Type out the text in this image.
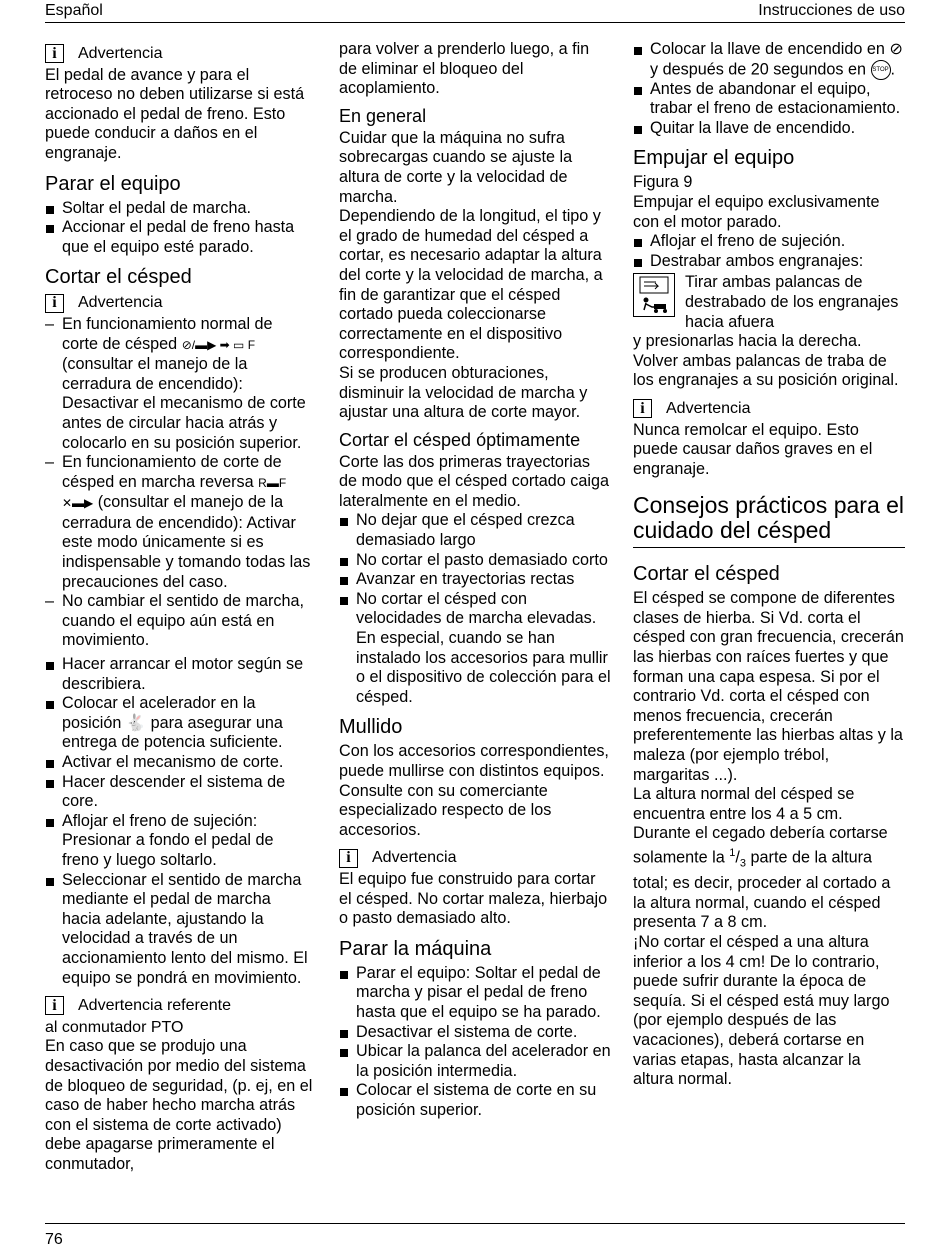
Español	Instrucciones de uso
i	Advertencia

El pedal de avance y para el retroceso no deben utilizarse si está accionado el pedal de freno. Esto puede conducir a daños en el engranaje.

Parar el equipo
Soltar el pedal de marcha.
Accionar el pedal de freno hasta que el equipo esté parado.
Cortar el césped
i	Advertencia
– En funcionamiento normal de corte de césped ⊘/▬▶ ➡ ▭ F (consultar el manejo de la cerradura de encendido): Desactivar el mecanismo de corte antes de circular hacia atrás y colocarlo en su posición superior.
– En funcionamiento de corte de césped en marcha reversa R▬F ✕▬▶ (consultar el manejo de la cerradura de encendido): Activar este modo únicamente si es indispensable y tomando todas las precauciones del caso.
– No cambiar el sentido de marcha, cuando el equipo aún está en movimiento.
Hacer arrancar el motor según se describiera.
Colocar el acelerador en la posición 🐇 para asegurar una entrega de potencia suficiente.
Activar el mecanismo de corte.
Hacer descender el sistema de core.
Aflojar el freno de sujeción: Presionar a fondo el pedal de freno y luego soltarlo.
Seleccionar el sentido de marcha mediante el pedal de marcha hacia adelante, ajustando la velocidad a través de un accionamiento lento del mismo. El equipo se pondrá en movimiento.
i	Advertencia referente

al conmutador PTO

En caso que se produjo una desactivación por medio del sistema de bloqueo de seguridad, (p. ej, en el caso de haber hecho marcha atrás con el sistema de corte activado) debe apagarse primeramente el conmutador,

para volver a prenderlo luego, a fin de eliminar el bloqueo del acoplamiento.

En general

Cuidar que la máquina no sufra sobrecargas cuando se ajuste la altura de corte y la velocidad de marcha.

Dependiendo de la longitud, el tipo y el grado de humedad del césped a cortar, es necesario adaptar la altura del corte y la velocidad de marcha, a fin de garantizar que el césped cortado pueda coleccionarse correctamente en el dispositivo correspondiente.

Si se producen obturaciones, disminuir la velocidad de marcha y ajustar una altura de corte mayor.

Cortar el césped óptimamente

Corte las dos primeras trayectorias de modo que el césped cortado caiga lateralmente en el medio.

No dejar que el césped crezca demasiado largo
No cortar el pasto demasiado corto
Avanzar en trayectorias rectas
No cortar el césped con velocidades de marcha elevadas. En especial, cuando se han instalado los accesorios para mullir o el dispositivo de colección para el césped.
Mullido

Con los accesorios correspondientes, puede mullirse con distintos equipos. Consulte con su comerciante especializado respecto de los accesorios.

i	Advertencia

El equipo fue construido para cortar el césped. No cortar maleza, hierbajo o pasto demasiado alto.

Parar la máquina
Parar el equipo: Soltar el pedal de marcha y pisar el pedal de freno hasta que el equipo se ha parado.
Desactivar el sistema de corte.
Ubicar la palanca del acelerador en la posición intermedia.
Colocar el sistema de corte en su posición superior.
Colocar la llave de encendido en ⊘ y después de 20 segundos en STOP .
Antes de abandonar el equipo, trabar el freno de estacionamiento.
Quitar la llave de encendido.
Empujar el equipo

Figura 9

Empujar el equipo exclusivamente con el motor parado.

Aflojar el freno de sujeción.
Destrabar ambos engranajes:

Tirar ambas palancas de destrabado de los engranajes hacia afuera

y presionarlas hacia la derecha.

Volver ambas palancas de traba de los engranajes a su posición original.

i	Advertencia

Nunca remolcar el equipo. Esto puede causar daños graves en el engranaje.

Consejos prácticos para el cuidado del césped
Cortar el césped

El césped se compone de diferentes clases de hierba. Si Vd. corta el césped con gran frecuencia, crecerán las hierbas con raíces fuertes y que forman una capa espesa. Si por el contrario Vd. corta el césped con menos frecuencia, crecerán preferentemente las hierbas altas y la maleza (por ejemplo trébol, margaritas ...).

La altura normal del césped se encuentra entre los 4 a 5 cm.

Durante el cegado debería cortarse solamente la $^1/_3$ parte de la altura total; es decir, proceder al cortado a la altura normal, cuando el césped presenta 7 a 8 cm.

¡No cortar el césped a una altura inferior a los 4 cm! De lo contrario, puede sufrir durante la época de sequía. Si el césped está muy largo (por ejemplo después de las vacaciones), deberá cortarse en varias etapas, hasta alcanzar la altura normal.

76
